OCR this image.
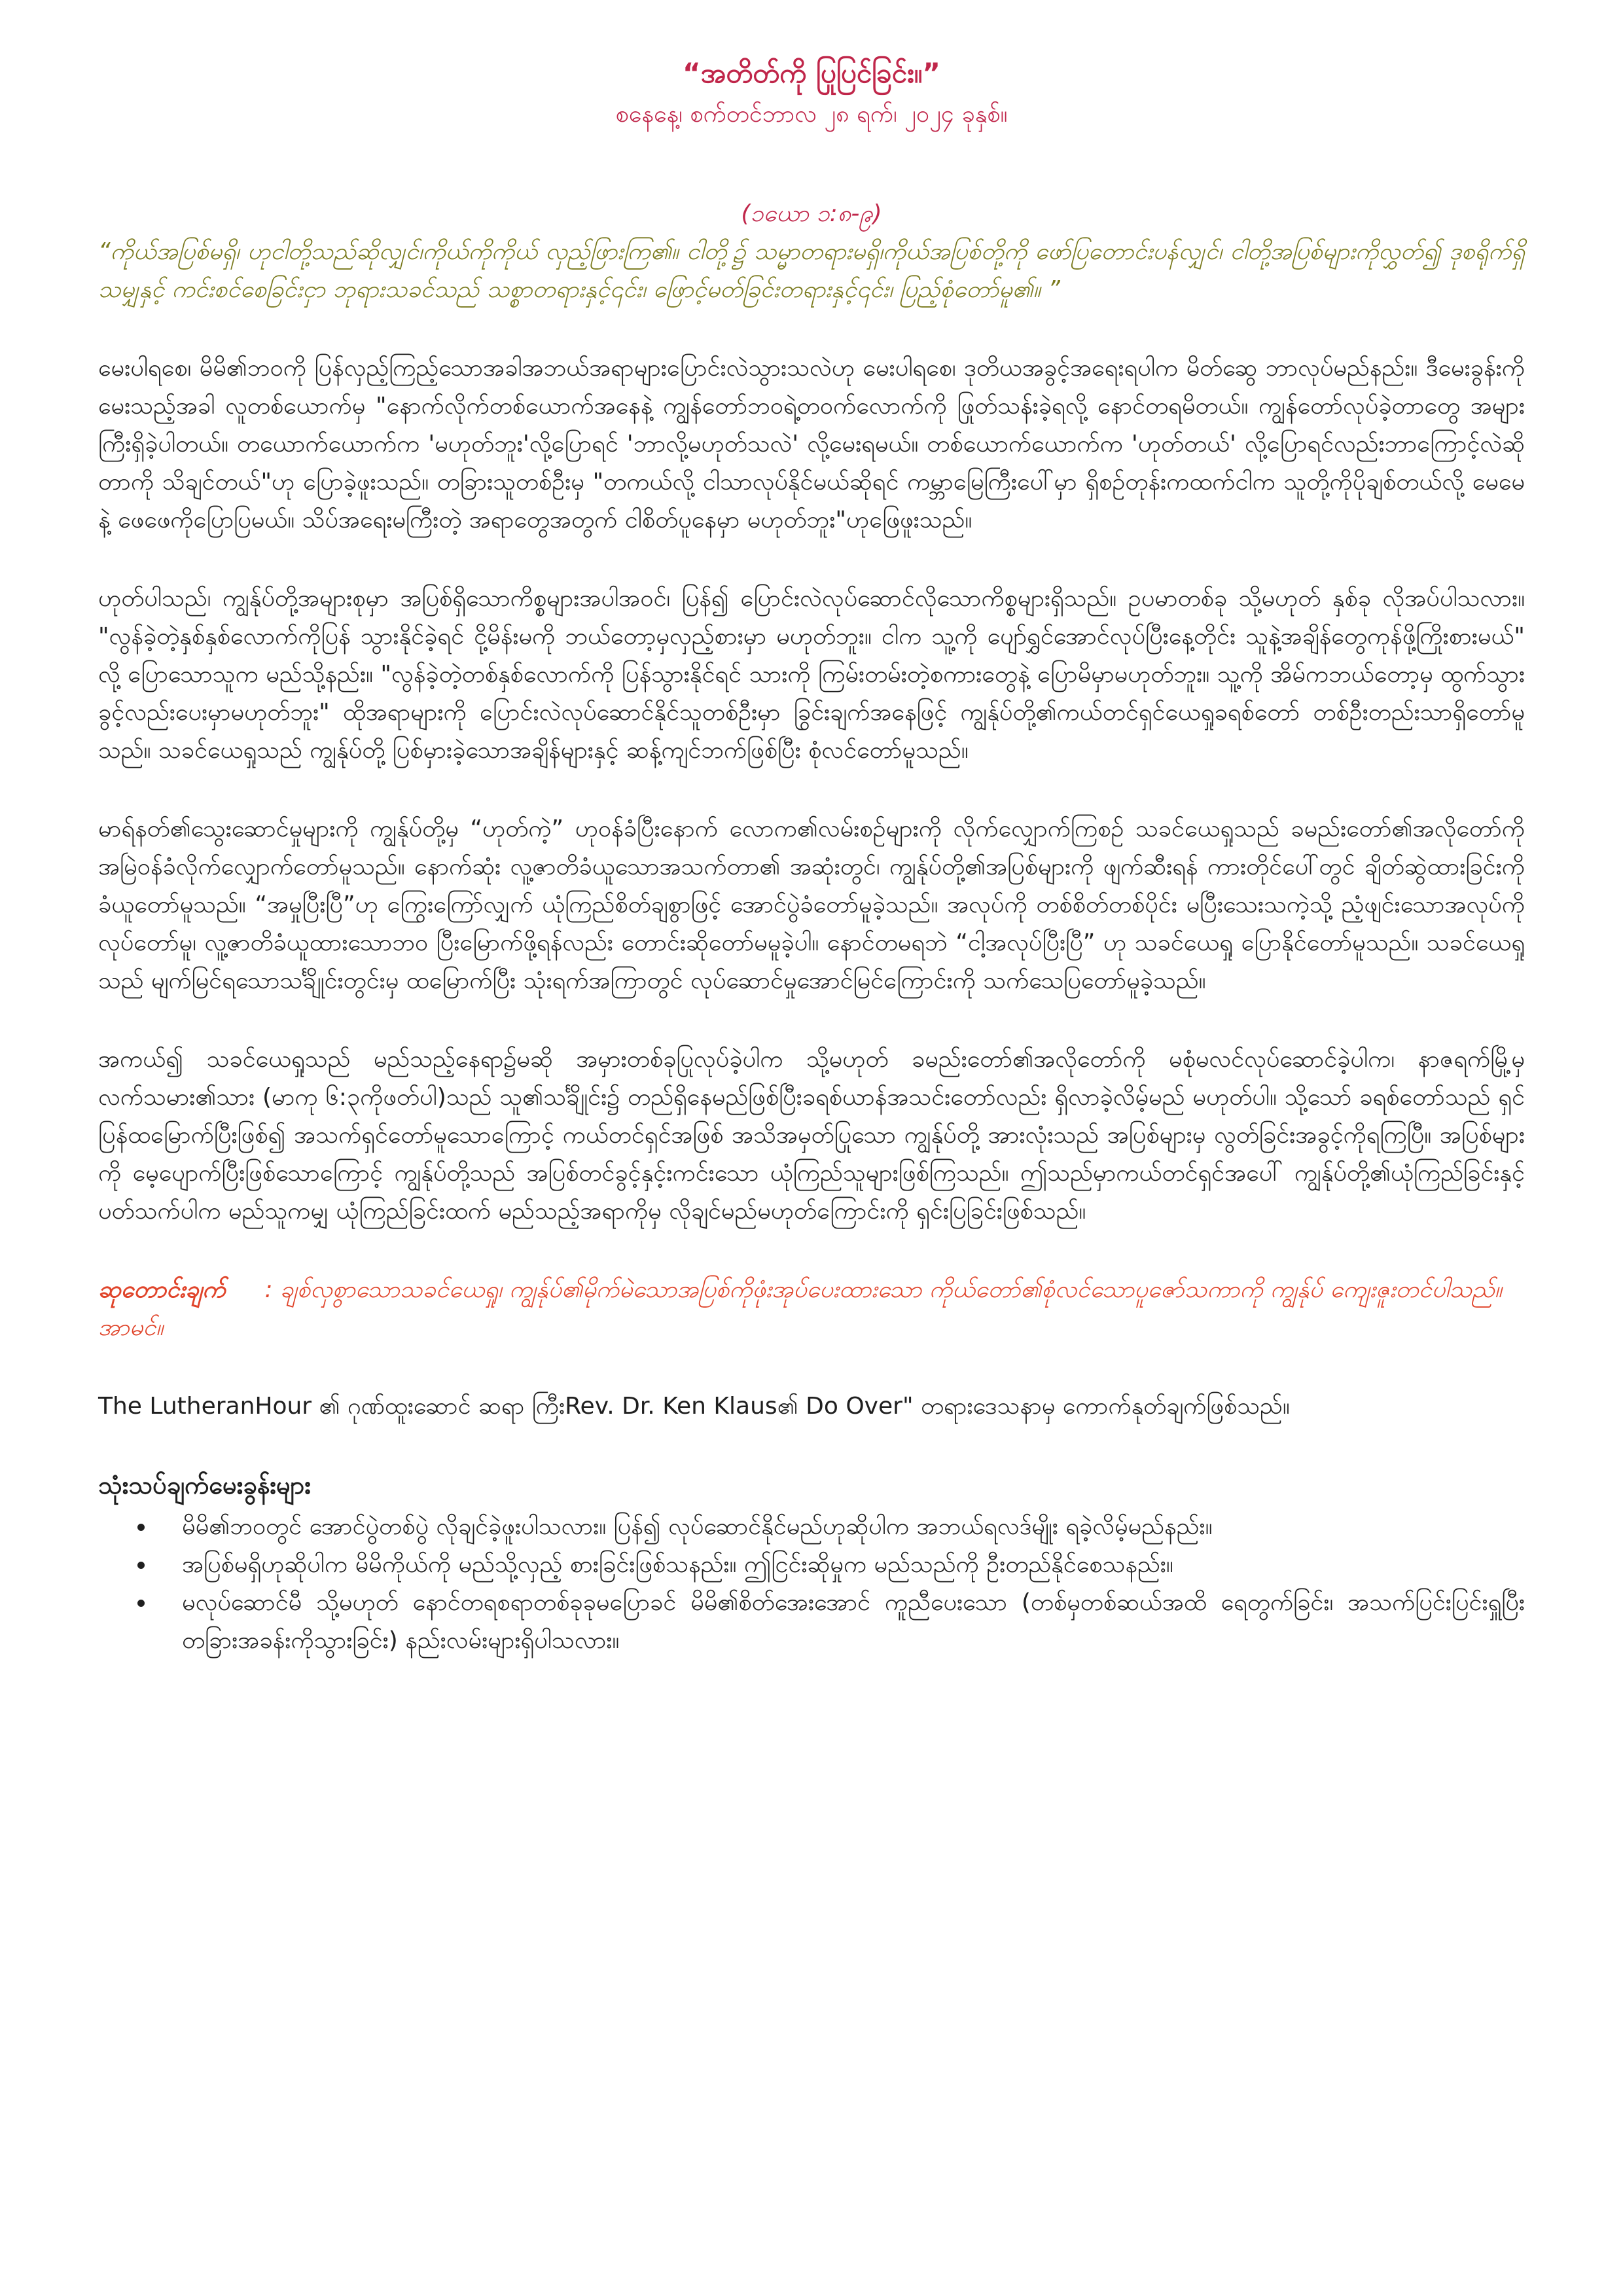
“အတိတ်ကို ပြုပြင်ခြင်း။”
စနေနေ့၊ စက်တင်ဘာလ ၂၈ ရက်၊ ၂၀၂၄ ခုနှစ်။
(၁ယော ၁:၈-၉)
“ကိုယ်အပြစ်မရှိ၊ ဟုငါတို့သည်ဆိုလျှင်၊ကိုယ်ကိုကိုယ် လှည့်ဖြားကြ၏။ ငါတို့၌ သမ္မာတရားမရှိ၊ကိုယ်အပြစ်တို့ကို ဖော်ပြတောင်းပန်လျှင်၊ ငါတို့အပြစ်များကိုလွှတ်၍ ဒုစရိုက်ရှိသမျှနှင့် ကင်းစင်စေခြင်းငှာ ဘုရားသခင်သည် သစ္စာတရားနှင့်၎င်း၊ ဖြောင့်မတ်ခြင်းတရားနှင့်၎င်း၊ ပြည့်စုံတော်မူ၏။ ”

မေးပါရစေ၊ မိမိ၏ဘ၀ကို ပြန်လှည့်ကြည့်သောအခါအဘယ်အရာများပြောင်းလဲသွားသလဲဟု မေးပါရစေ၊ ဒုတိယအခွင့်အရေးရပါက မိတ်ဆွေ ဘာလုပ်မည်နည်း။ ဒီမေးခွန်းကိုမေးသည့်အခါ လူတစ်ယောက်မှ "နောက်လိုက်တစ်ယောက်အနေနဲ့ ကျွန်တော်ဘ၀ရဲ့တ၀က်လောက်ကို ဖြုတ်သန်းခဲ့ရလို့ နောင်တရမိတယ်။ ကျွန်တော်လုပ်ခဲ့တာတွေ အများကြီးရှိခဲ့ပါတယ်။ တယောက်ယောက်က 'မဟုတ်ဘူး'လို့ပြောရင် 'ဘာလို့မဟုတ်သလဲ' လို့မေးရမယ်။ တစ်ယောက်ယောက်က 'ဟုတ်တယ်' လို့ပြောရင်လည်းဘာကြောင့်လဲဆိုတာကို သိချင်တယ်"ဟု ပြောခဲ့ဖူးသည်။ တခြားသူတစ်ဦးမှ "တကယ်လို့ ငါသာလုပ်နိုင်မယ်ဆိုရင် ကမ္ဘာမြေကြီးပေါ်မှာ ရှိစဉ်တုန်းကထက်ငါက သူတို့ကိုပိုချစ်တယ်လို့ မေမေနဲ့ ဖေဖေကိုပြောပြမယ်။ သိပ်အရေးမကြီးတဲ့ အရာတွေအတွက် ငါစိတ်ပူနေမှာ မဟုတ်ဘူး"ဟုဖြေဖူးသည်။

ဟုတ်ပါသည်၊ ကျွန်ုပ်တို့အများစုမှာ အပြစ်ရှိသောကိစ္စများအပါအ၀င်၊ ပြန်၍ ပြောင်းလဲလုပ်ဆောင်လိုသောကိစ္စများရှိသည်။ ဥပမာတစ်ခု သို့မဟုတ် နှစ်ခု လိုအပ်ပါသလား။ "လွန်ခဲ့တဲ့နှစ်နှစ်လောက်ကိုပြန် သွားနိုင်ခဲ့ရင် ငို့မိန်းမကို ဘယ်တော့မှလှည့်စားမှာ မဟုတ်ဘူး။ ငါက သူ့ကို ပျော်ရွှင်အောင်လုပ်ပြီးနေ့တိုင်း သူနဲ့အချိန်တွေကုန်ဖို့ကြိုးစားမယ်" လို့ ပြောသောသူက မည်သို့နည်း။ "လွန်ခဲ့တဲ့တစ်နှစ်လောက်ကို ပြန်သွားနိုင်ရင် သားကို ကြမ်းတမ်းတဲ့စကားတွေနဲ့ ပြောမိမှာမဟုတ်ဘူး။ သူ့ကို အိမ်ကဘယ်တော့မှ ထွက်သွားခွင့်လည်းပေးမှာမဟုတ်ဘူး" ထိုအရာများကို ပြောင်းလဲလုပ်ဆောင်နိုင်သူတစ်ဦးမှာ ခြွင်းချက်အနေဖြင့် ကျွန်ုပ်တို့၏ကယ်တင်ရှင်ယေရှုခရစ်တော် တစ်ဦးတည်းသာရှိတော်မူသည်။ သခင်ယေရှုသည် ကျွန်ုပ်တို့ ပြစ်မှားခဲ့သောအချိန်များနှင့် ဆန့်ကျင်ဘက်ဖြစ်ပြီး စုံလင်တော်မူသည်။

မာရ်နတ်၏သွေးဆောင်မှုများကို ကျွန်ုပ်တို့မှ “ဟုတ်ကဲ့” ဟုဝန်ခံပြီးနောက် လောက၏လမ်းစဉ်များကို လိုက်လျှောက်ကြစဉ် သခင်ယေရှုသည် ခမည်းတော်၏အလိုတော်ကို အမြဲဝန်ခံလိုက်လျှောက်တော်မူသည်။ နောက်ဆုံး လူ့ဇာတိခံယူသောအသက်တာ၏ အဆုံးတွင်၊ ကျွန်ုပ်တို့၏အပြစ်များကို ဖျက်ဆီးရန် ကားတိုင်ပေါ်တွင် ချိတ်ဆွဲထားခြင်းကိုခံယူတော်မူသည်။ “အမှုပြီးပြီ”ဟု ကြွေးကြော်လျှက် ယုံကြည်စိတ်ချစွာဖြင့် အောင်ပွဲခံတော်မူခဲ့သည်။ အလုပ်ကို တစ်စိတ်တစ်ပိုင်း မပြီးသေးသကဲ့သို့ ညံ့ဖျင်းသောအလုပ်ကို လုပ်တော်မူ၊ လူ့ဇာတိခံယူထားသောဘ၀ ပြီးမြောက်ဖို့ရန်လည်း တောင်းဆိုတော်မမူခဲ့ပါ။ နောင်တမရဘဲ “ငါ့အလုပ်ပြီးပြီ” ဟု သခင်ယေရှု ပြောနိုင်တော်မူသည်။ သခင်ယေရှုသည် မျက်မြင်ရသောသင်္ချိုင်းတွင်းမှ ထမြောက်ပြီး သုံးရက်အကြာတွင် လုပ်ဆောင်မှုအောင်မြင်ကြောင်းကို သက်သေပြတော်မူခဲ့သည်။

အကယ်၍ သခင်ယေရှုသည် မည်သည့်နေရာ၌မဆို အမှားတစ်ခုပြုလုပ်ခဲ့ပါက သို့မဟုတ် ခမည်းတော်၏အလိုတော်ကို မစုံမလင်လုပ်ဆောင်ခဲ့ပါက၊ နာဇရက်မြို့မှ လက်သမား၏သား (မာကု ၆:၃ကိုဖတ်ပါ)သည် သူ၏သင်္ချိုင်း၌ တည်ရှိနေမည်ဖြစ်ပြီးခရစ်ယာန်အသင်းတော်လည်း ရှိလာခဲ့လိမ့်မည် မဟုတ်ပါ။ သို့သော် ခရစ်တော်သည် ရှင်ပြန်ထမြောက်ပြီးဖြစ်၍ အသက်ရှင်တော်မူသောကြောင့် ကယ်တင်ရှင်အဖြစ် အသိအမှတ်ပြုသော ကျွန်ုပ်တို့ အားလုံးသည် အပြစ်များမှ လွတ်ခြင်းအခွင့်ကိုရကြပြီ။ အပြစ်များကို မေ့ပျောက်ပြီးဖြစ်သောကြောင့် ကျွန်ုပ်တို့သည် အပြစ်တင်ခွင့်နှင့်းကင်းသော ယုံကြည်သူများဖြစ်ကြသည်။ ဤသည်မှာကယ်တင်ရှင်အပေါ် ကျွန်ုပ်တို့၏ယုံကြည်ခြင်းနှင့်ပတ်သက်ပါက မည်သူကမျှ ယုံကြည်ခြင်းထက် မည်သည့်အရာကိုမှ လိုချင်မည်မဟုတ်ကြောင်းကို ရှင်းပြခြင်းဖြစ်သည်။

ဆုတောင်းချက် : ချစ်လှစွာသောသခင်ယေရှု၊ ကျွန်ုပ်၏မိုက်မဲသောအပြစ်ကိုဖုံးအုပ်ပေးထားသော ကိုယ်တော်၏စုံလင်သောပူဇော်သကာကို ကျွန်ုပ် ကျေးဇူးတင်ပါသည်။ အာမင်။

The LutheranHour ၏ ဂုဏ်ထူးဆောင် ဆရာ ကြီးRev. Dr. Ken Klaus၏ Do Over" တရားဒေသနာမှ ကောက်နုတ်ချက်ဖြစ်သည်။

သုံးသပ်ချက်မေးခွန်းများ
• မိမိ၏ဘ၀တွင် အောင်ပွဲတစ်ပွဲ လိုချင်ခဲ့ဖူးပါသလား။ ပြန်၍ လုပ်ဆောင်နိုင်မည်ဟုဆိုပါက အဘယ်ရလဒ်မျိုး ရခဲ့လိမ့်မည်နည်း။
• အပြစ်မရှိဟုဆိုပါက မိမိကိုယ်ကို မည်သို့လှည့် စားခြင်းဖြစ်သနည်း။ ဤငြင်းဆိုမှုက မည်သည်ကို ဦးတည်နိုင်စေသနည်း။
• မလုပ်ဆောင်မီ သို့မဟုတ် နောင်တရစရာတစ်ခုခုမပြောခင် မိမိ၏စိတ်အေးအောင် ကူညီပေးသော (တစ်မှတစ်ဆယ်အထိ ရေတွက်ခြင်း၊ အသက်ပြင်းပြင်းရှူပြီးတခြားအခန်းကိုသွားခြင်း) နည်းလမ်းများရှိပါသလား။
